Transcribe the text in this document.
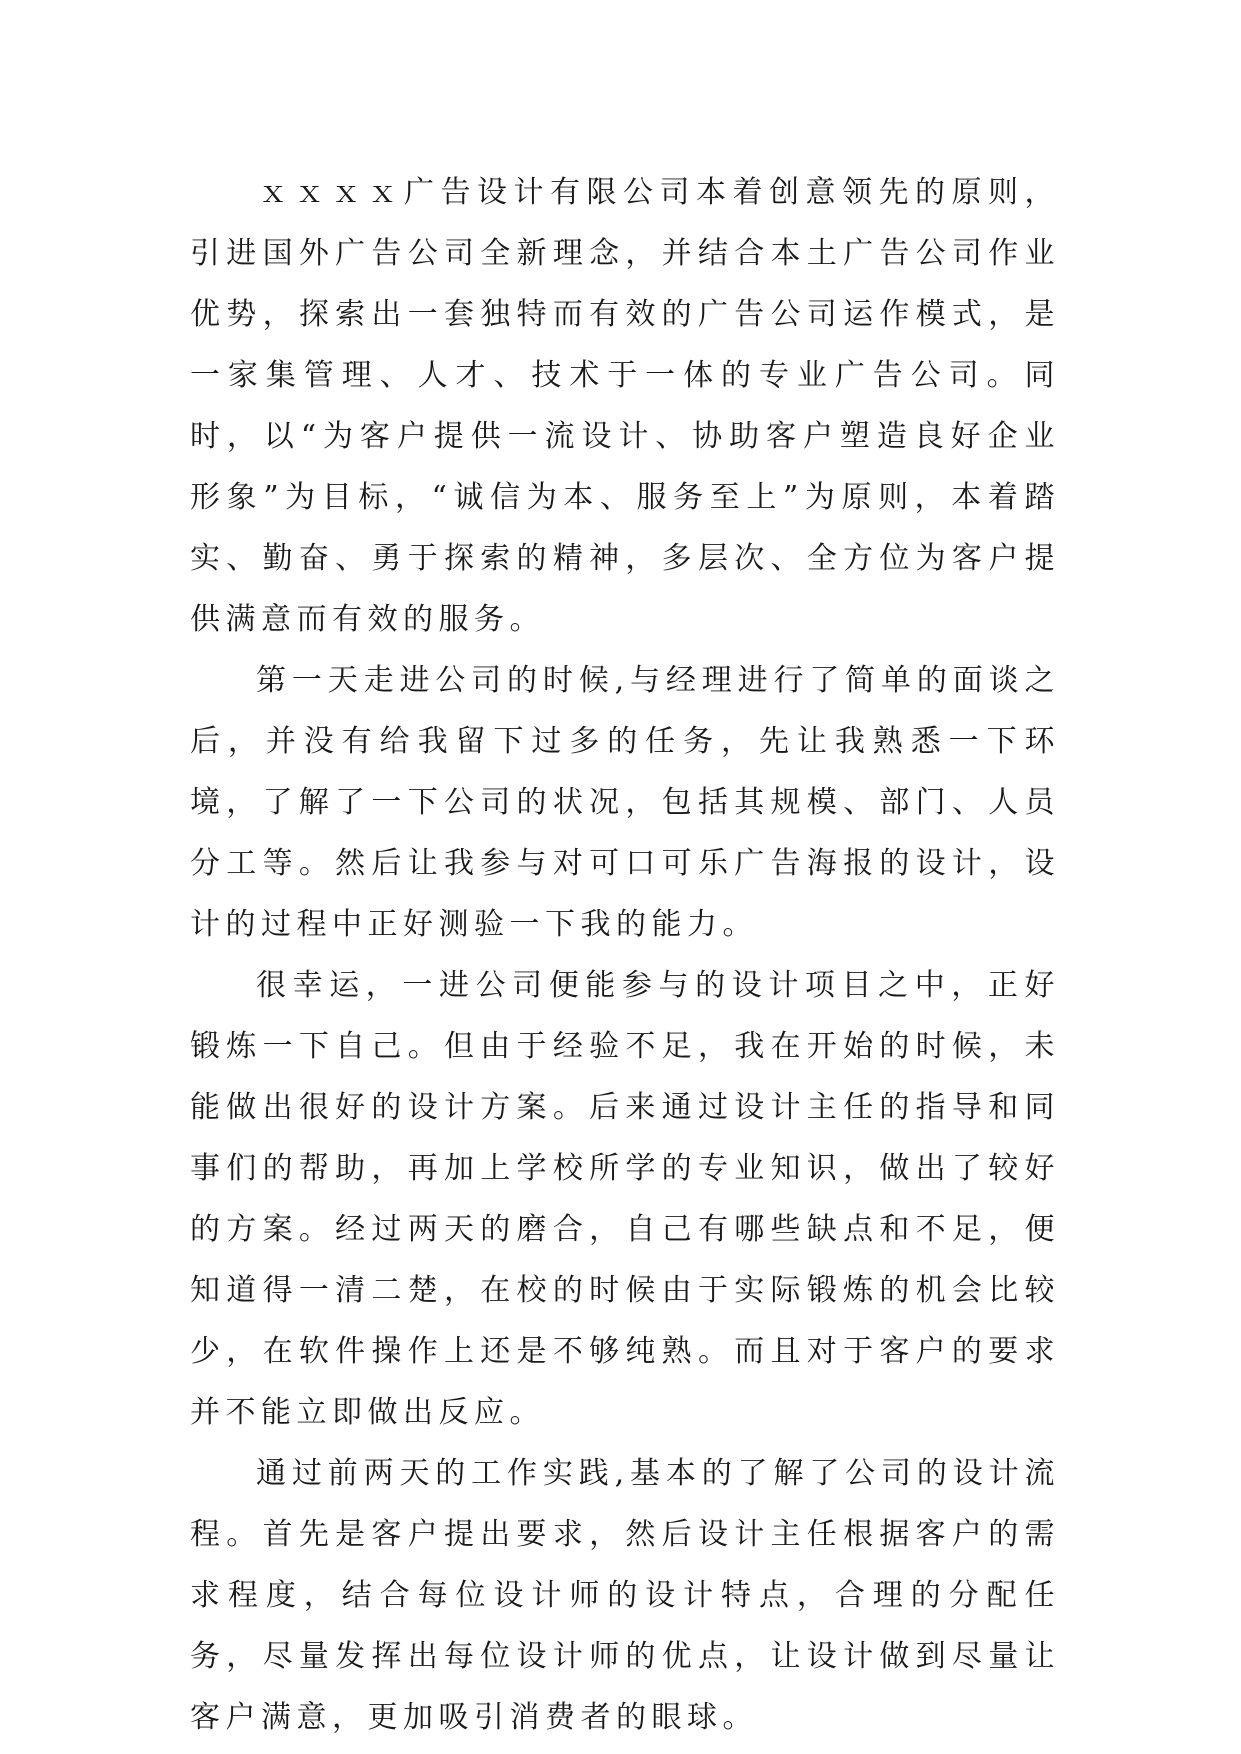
ｘｘｘｘ广告设计有限公司本着创意领先的原则，引进国外广告公司全新理念，并结合本土广告公司作业优势，探索出一套独特而有效的广告公司运作模式，是一家集管理、人才、技术于一体的专业广告公司。同时，以“为客户提供一流设计、协助客户塑造良好企业形象”为目标，“诚信为本、服务至上”为原则，本着踏实、勤奋、勇于探索的精神，多层次、全方位为客户提供满意而有效的服务。

第一天走进公司的时候,与经理进行了简单的面谈之后，并没有给我留下过多的任务，先让我熟悉一下环境，了解了一下公司的状况，包括其规模、部门、人员分工等。然后让我参与对可口可乐广告海报的设计，设计的过程中正好测验一下我的能力。

很幸运，一进公司便能参与的设计项目之中，正好锻炼一下自己。但由于经验不足，我在开始的时候，未能做出很好的设计方案。后来通过设计主任的指导和同事们的帮助，再加上学校所学的专业知识，做出了较好的方案。经过两天的磨合，自己有哪些缺点和不足，便知道得一清二楚，在校的时候由于实际锻炼的机会比较少，在软件操作上还是不够纯熟。而且对于客户的要求并不能立即做出反应。

通过前两天的工作实践,基本的了解了公司的设计流程。首先是客户提出要求，然后设计主任根据客户的需求程度，结合每位设计师的设计特点，合理的分配任务，尽量发挥出每位设计师的优点，让设计做到尽量让客户满意，更加吸引消费者的眼球。
